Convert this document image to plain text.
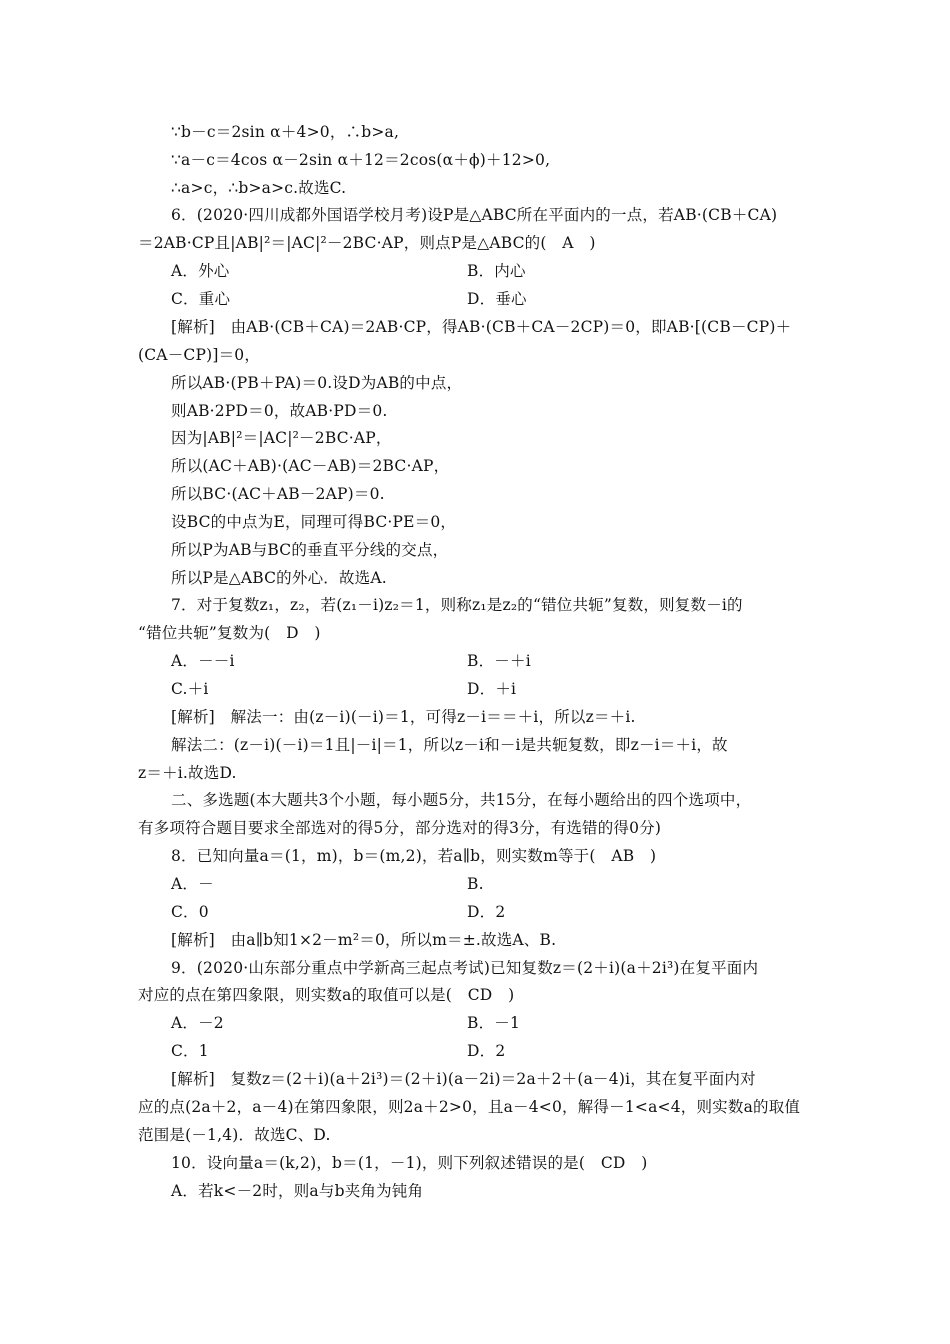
∵b－c＝2sin α＋4>0，∴b>a,
∵a－c＝4cos α－2sin α＋12＝2cos(α＋ϕ)＋12>0,
∴a>c，∴b>a>c.故选C.
6．(2020·四川成都外国语学校月考)设P是△ABC所在平面内的一点，若AB·(CB＋CA)
＝2AB·CP且|AB|²＝|AC|²－2BC·AP，则点P是△ABC的(　A　)
A．外心	B．内心
C．重心	D．垂心
[解析]　由AB·(CB＋CA)＝2AB·CP，得AB·(CB＋CA－2CP)＝0，即AB·[(CB－CP)＋
(CA－CP)]＝0，
所以AB·(PB＋PA)＝0.设D为AB的中点，
则AB·2PD＝0，故AB·PD＝0.
因为|AB|²＝|AC|²－2BC·AP，
所以(AC＋AB)·(AC－AB)＝2BC·AP，
所以BC·(AC＋AB－2AP)＝0.
设BC的中点为E，同理可得BC·PE＝0，
所以P为AB与BC的垂直平分线的交点，
所以P是△ABC的外心．故选A.
7．对于复数z₁，z₂，若(z₁－i)z₂＝1，则称z₁是z₂的“错位共轭”复数，则复数－i的
“错位共轭”复数为(　D　)
A．－－i	B．－＋i
C.＋i	D．＋i
[解析]　解法一：由(z－i)(－i)＝1，可得z－i＝＝＋i，所以z＝＋i.
解法二：(z－i)(－i)＝1且|－i|＝1，所以z－i和－i是共轭复数，即z－i＝＋i，故
z＝＋i.故选D.
二、多选题(本大题共3个小题，每小题5分，共15分，在每小题给出的四个选项中，
有多项符合题目要求全部选对的得5分，部分选对的得3分，有选错的得0分)
8．已知向量a＝(1，m)，b＝(m,2)，若a∥b，则实数m等于(　AB　)
A．－	B.
C．0	D．2
[解析]　由a∥b知1×2－m²＝0，所以m＝±.故选A、B.
9．(2020·山东部分重点中学新高三起点考试)已知复数z＝(2＋i)(a＋2i³)在复平面内
对应的点在第四象限，则实数a的取值可以是(　CD　)
A．－2	B．－1
C．1	D．2
[解析]　复数z＝(2＋i)(a＋2i³)＝(2＋i)(a－2i)＝2a＋2＋(a－4)i，其在复平面内对
应的点(2a＋2，a－4)在第四象限，则2a＋2>0，且a－4<0，解得－1<a<4，则实数a的取值
范围是(－1,4)．故选C、D.
10．设向量a＝(k,2)，b＝(1，－1)，则下列叙述错误的是(　CD　)
A．若k<－2时，则a与b夹角为钝角
